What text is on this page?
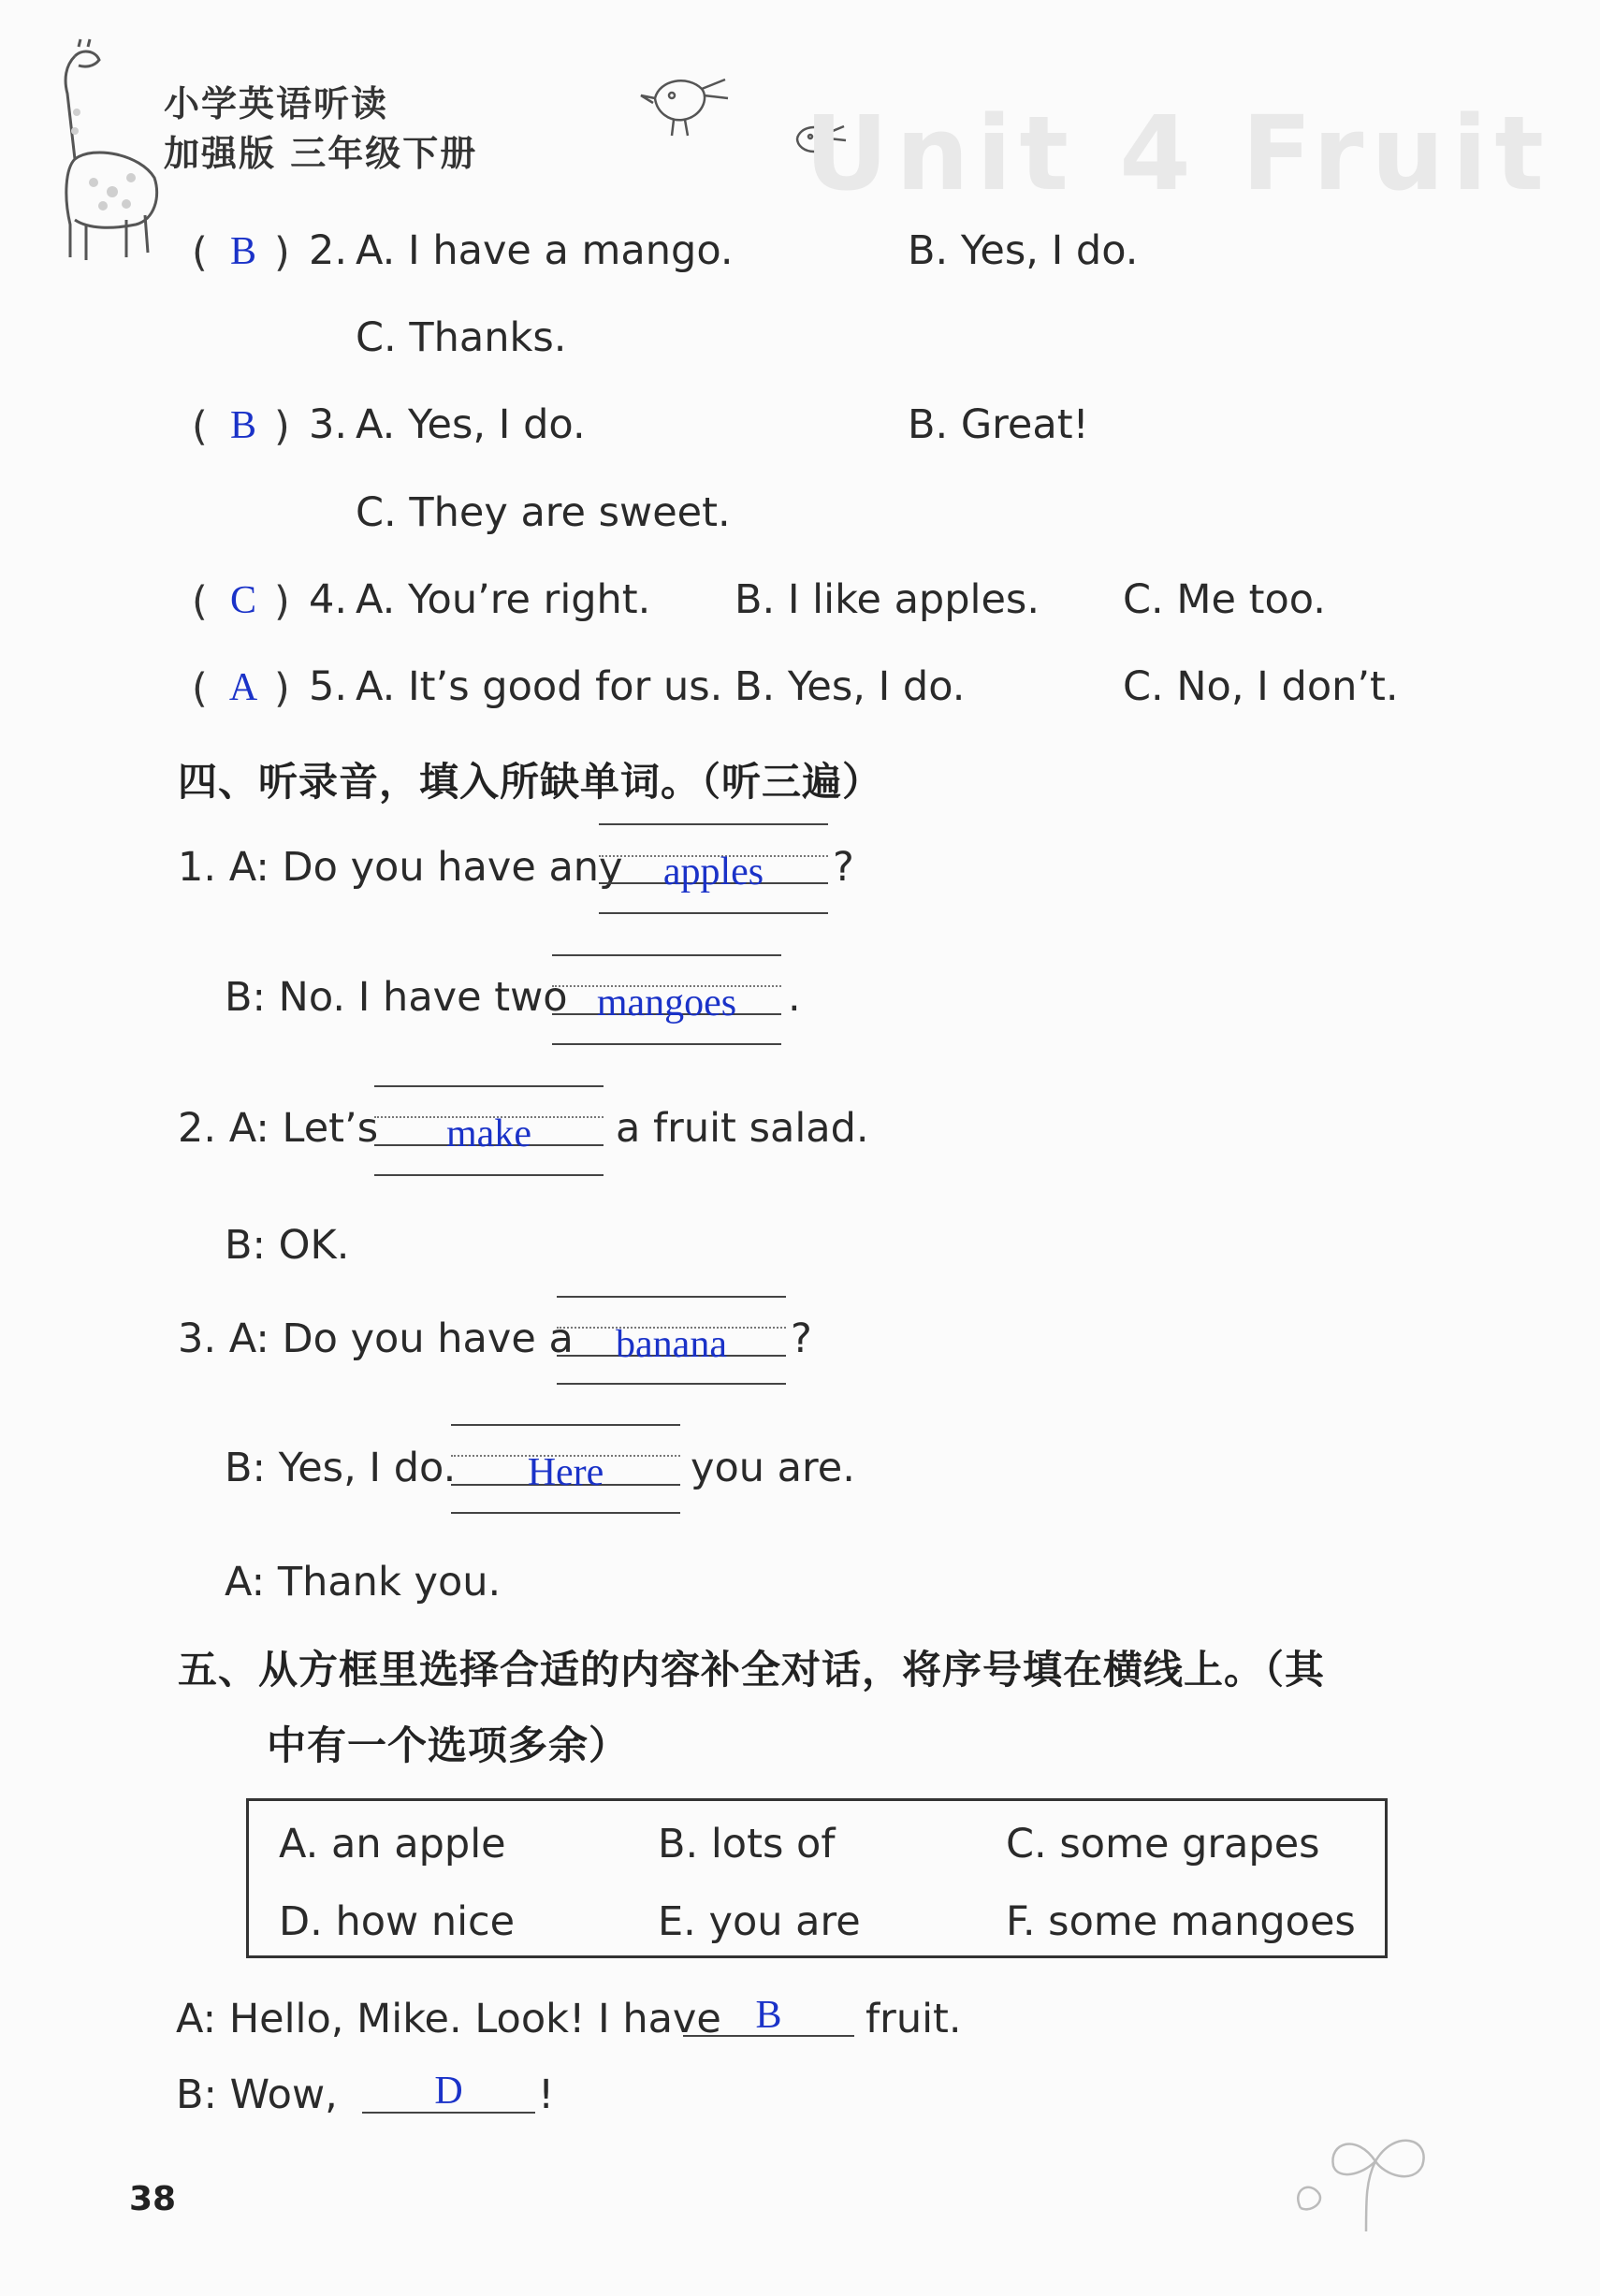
小学英语听读
加强版 三年级下册	Unit 4 Fruit
( B ) 2. A. I have a mango.	B. Yes, I do.
C. Thanks.
( B ) 3. A. Yes, I do.	B. Great!
C. They are sweet.
( C ) 4. A. You’re right. B. I like apples. C. Me too.
( A ) 5. A. It’s good for us. B. Yes, I do.	C. No, I don’t.
四、听录音，填入所缺单词。（听三遍）
1. A: Do you have any	apples	?
B: No. I have two mangoes	.
2. A: Let’s	make	a fruit salad.
B: OK.
3. A: Do you have a	banana	?
B: Yes, I do.	Here	you are.
A: Thank you.
五、从方框里选择合适的内容补全对话，将序号填在横线上。（其
中有一个选项多余）
A. an apple	B. lots of	C. some grapes
D. how nice	E. you are	F. some mangoes
A: Hello, Mike. Look! I have B	fruit.
B: Wow,	D	!
38
